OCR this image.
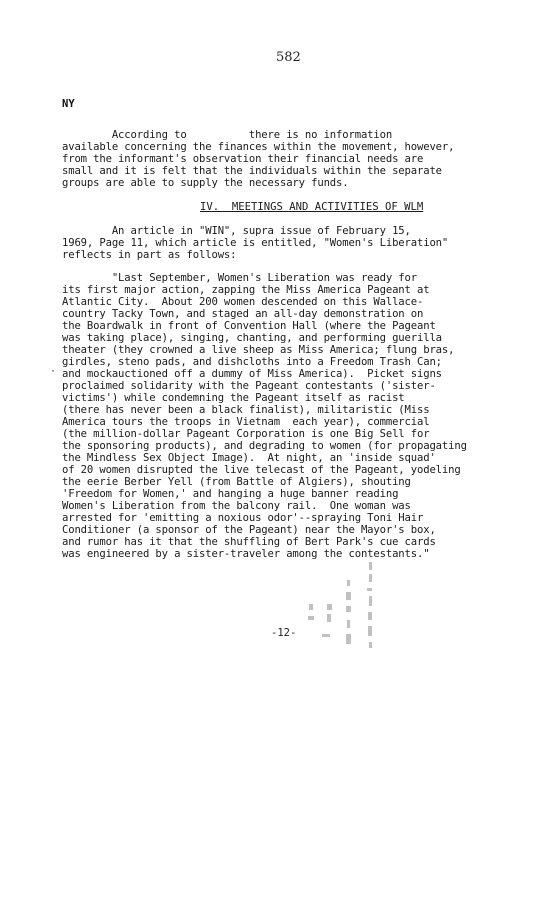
582
NY
According to          there is no information
available concerning the finances within the movement, however,
from the informant's observation their financial needs are
small and it is felt that the individuals within the separate
groups are able to supply the necessary funds.
IV.  MEETINGS AND ACTIVITIES OF WLM
An article in "WIN", supra issue of February 15,
1969, Page 11, which article is entitled, "Women's Liberation"
reflects in part as follows:
"Last September, Women's Liberation was ready for
its first major action, zapping the Miss America Pageant at
Atlantic City.  About 200 women descended on this Wallace-
country Tacky Town, and staged an all-day demonstration on
the Boardwalk in front of Convention Hall (where the Pageant
was taking place), singing, chanting, and performing guerilla
theater (they crowned a live sheep as Miss America; flung bras,
girdles, steno pads, and dishcloths into a Freedom Trash Can;
and mockauctioned off a dummy of Miss America).  Picket signs
proclaimed solidarity with the Pageant contestants ('sister-
victims') while condemning the Pageant itself as racist
(there has never been a black finalist), militaristic (Miss
America tours the troops in Vietnam  each year), commercial
(the million-dollar Pageant Corporation is one Big Sell for
the sponsoring products), and degrading to women (for propagating
the Mindless Sex Object Image).  At night, an 'inside squad'
of 20 women disrupted the live telecast of the Pageant, yodeling
the eerie Berber Yell (from Battle of Algiers), shouting
'Freedom for Women,' and hanging a huge banner reading
Women's Liberation from the balcony rail.  One woman was
arrested for 'emitting a noxious odor'--spraying Toni Hair
Conditioner (a sponsor of the Pageant) near the Mayor's box,
and rumor has it that the shuffling of Bert Park's cue cards
was engineered by a sister-traveler among the contestants."
·
-12-
